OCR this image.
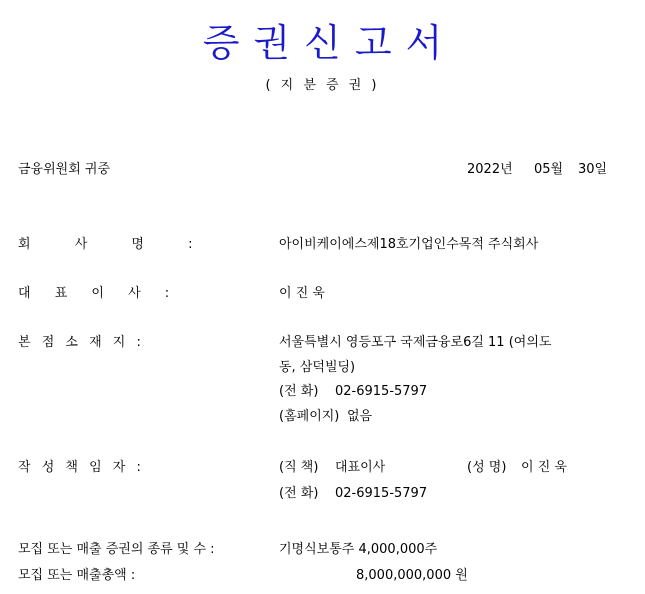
증권신고서
( 지 분 증 권 )
금융위원회 귀중	2022년 05월 30일
회 사 명 :	아이비케이에스제18호기업인수목적 주식회사
대 표 이 사 :	이 진 욱
본 점 소 재 지 :	서울특별시 영등포구 국제금융로6길 11 (여의도
동, 삼덕빌딩)
(전 화) 02-6915-5797
(홈페이지) 없음
작 성 책 임 자 :	(직 책) 대표이사	(성 명) 이 진 욱
(전 화) 02-6915-5797
모집 또는 매출 증권의 종류 및 수 :	기명식보통주 4,000,000주
모집 또는 매출총액 :	8,000,000,000 원
